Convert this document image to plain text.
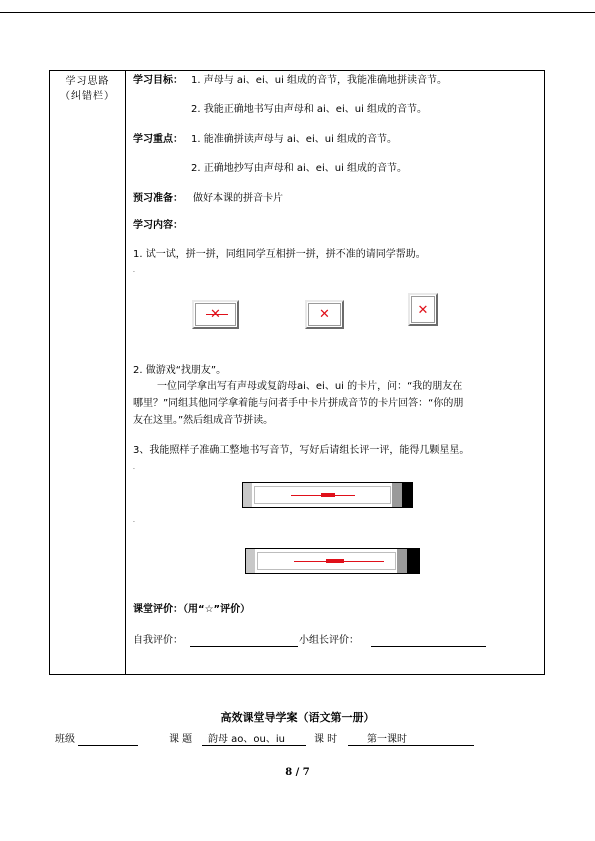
学习思路
（纠错栏）
学习目标： 1. 声母与 ai、ei、ui 组成的音节，我能准确地拼读音节。
2. 我能正确地书写由声母和 ai、ei、ui 组成的音节。
学习重点： 1. 能准确拼读声母与 ai、ei、ui 组成的音节。
2. 正确地抄写由声母和 ai、ei、ui 组成的音节。
预习准备： 做好本课的拼音卡片
学习内容：
1. 试一试，拼一拼，同组同学互相拼一拼，拼不准的请同学帮助。
·
✕	✕
2. 做游戏“找朋友”。
一位同学拿出写有声母或复韵母ai、ei、ui 的卡片，问：“我的朋友在
哪里？”同组其他同学拿着能与问者手中卡片拼成音节的卡片回答：“你的朋
友在这里。”然后组成音节拼读。
3、我能照样子准确工整地书写音节，写好后请组长评一评，能得几颗星星。
·
·
课堂评价：（用“☆”评价）
自我评价：	小组长评价：
高效课堂导学案（语文第一册）
班级	课 题 韵母 ao、ou、iu	课 时	第一课时
8 / 7
